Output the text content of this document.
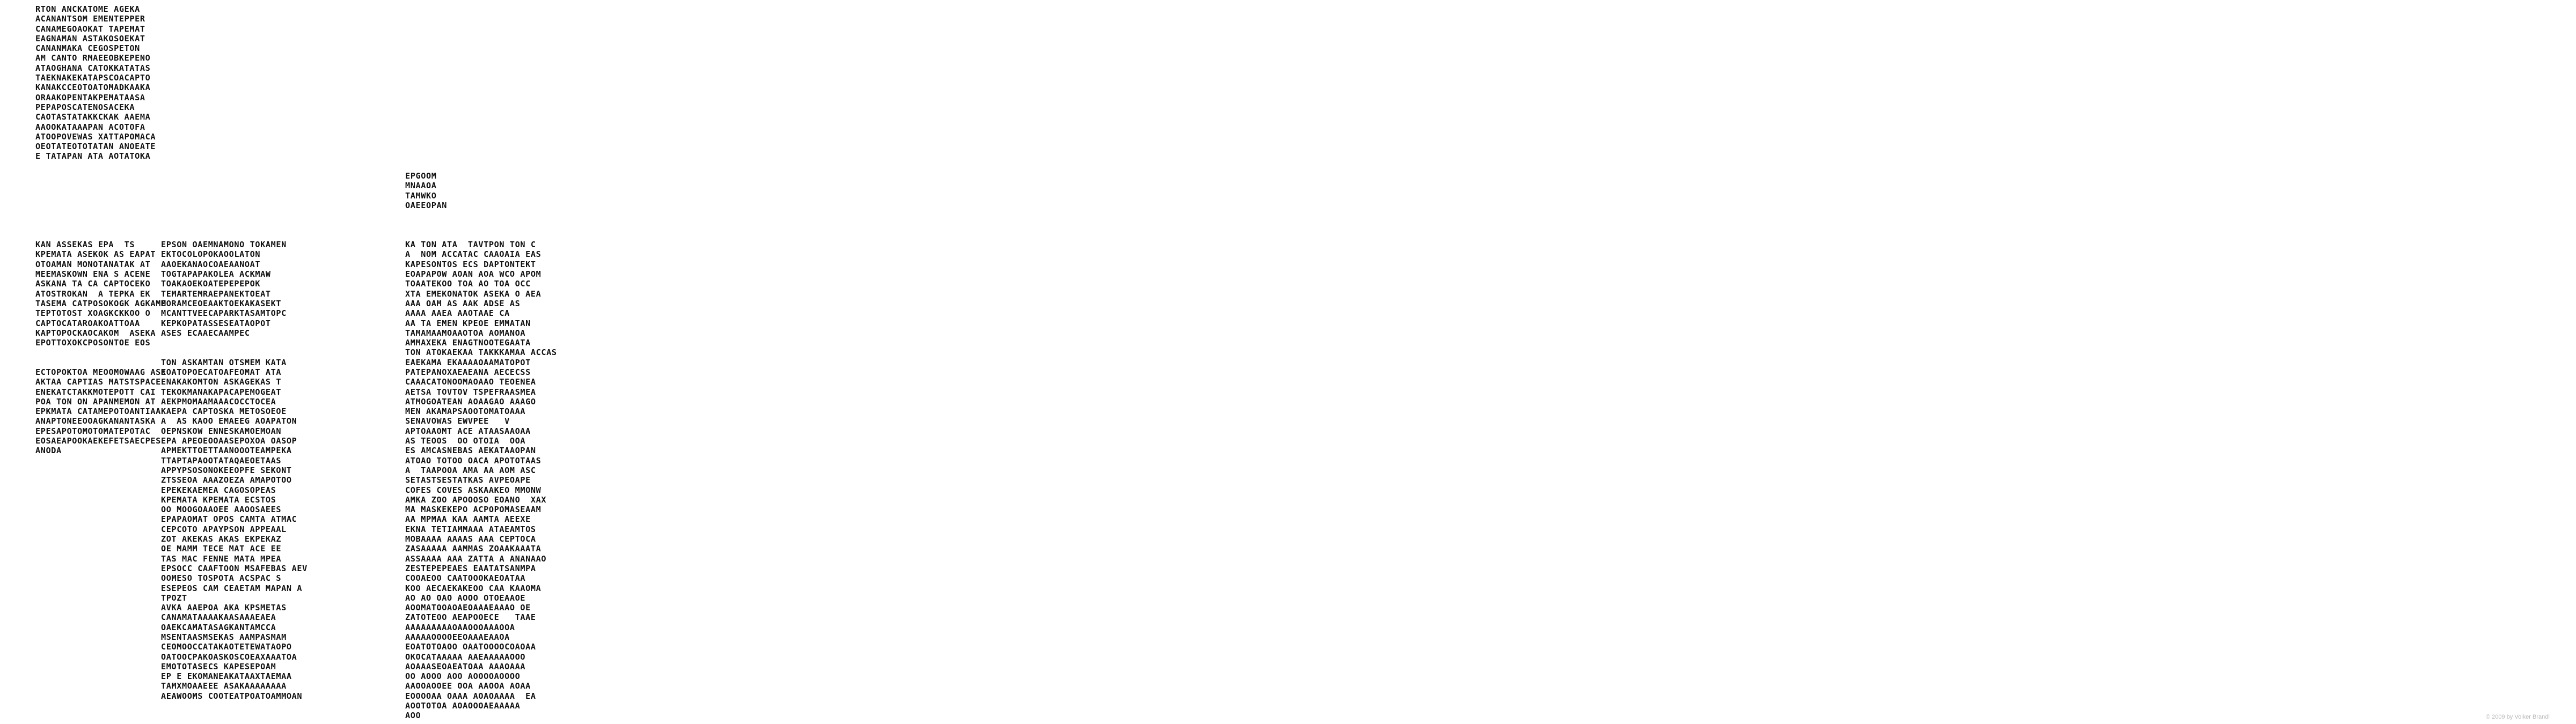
RTON ANCKATOME AGEKA
ACANANTSOM EMENTEPPER
CANAMEGOAOKAT TAPEMAT
EAGNAMAN ASTAKOSOEKAT
CANANMAKA CEGOSPETON
AM CANTO RMAEEOBKEPENO
ATAOGHANA CATOKKATATAS
TAEKNAKEKATAPSCOACAPTO
KANAKCCEOTOATOMADKAAKA
ORAAKOPENTAKPEMATAASA
PEPAPOSCATENOSACEKA
CAOTASTATAKKCKAK AAEMA
AAOOKATAAAPAN ACOTOFA
ATOOPOVEWAS XATTAPOMACA
OEOTATEOTOTATAN ANOEATE
E TATAPAN ATA AOTATOKA
KAN ASSEKAS EPA  TS
KPEMATA ASEKOK AS EAPAT
OTOAMAN MONOTANATAK AT
MEEMASKOWN ENA S ACENE
ASKANA TA CA CAPTOCEKO
ATOSTROKAN  A TEPKA EK
TASEMA CATPOSOKOGK AGKAME
TEPTOTOST XOAGKCKKOO O
CAPTOCATAROAKOATTOAA
KAPTOPOCKAOCAKOM  ASEKA
EPOTTOXOKCPOSONTOE EOS
ECTOPOKTOA MEOOMOWAAG ASK
AKTAA CAPTIAS MATSTSPACE
ENEKATCTAKKMOTEPOTT CAI
POA TON ON APANMEMON AT
EPKMATA CATAMEPOTOANTIAA
ANAPTONEEOOAGKANANTASKA
EPESAPOTOMOTOMATEPOTAC
EOSAEAPOOKAEKEFETSAECPES
ANODA
EPSON OAEMNAMONO TOKAMEN
EKTOCOLOPOKAOOLATON
AAOEKANAOCOAEAANOAT
TOGTAPAPAKOLEA ACKMAW
TOAKAOEKOATEPEPEPOK
TEMARTEMRAEPANEKTOEAT
MORAMCEOEAAKTOEKAKASEKT
MCANTTVEECAPARKTASAMTOPC
KEPKOPATASSESEATAOPOT
ASES ECAAECAAMPEC
TON ASKAMTAN OTSMEM KATA
EOATOPOECATOAFEOMAT ATA
ENAKAKOMTON ASKAGEKAS T
TEKOKMANAKAPACAPEMOGEAT
AEKPMOMAAMAAACOCCTOCEA
KAEPA CAPTOSKA METOSOEOE
A  AS KAOO EMAEEG AOAPATON
OEPNSKOW ENNESKAMOEMOAN
EPA APEOEOOAASEPOXOA OASOP
APMEKTTOETTAANOOOTEAMPEKA
TTAPTAPAOOTATAQAEOETAAS
APPYPSOSONOKEEOPFE SEKONT
ZTSSEOA AAAZOEZA AMAPOTOO
EPEKEKAEMEA CAGOSOPEAS
KPEMATA KPEMATA ECSTOS
OO MOOGOAAOEE AAOOSAEES
EPAPAOMAT OPOS CAMTA ATMAC
CEPCOTO APAYPSON APPEAAL
ZOT AKEKAS AKAS EKPEKAZ
OE MAMM TECE MAT ACE EE
TAS MAC FENNE MATA MPEA
EPSOCC CAAFTOON MSAFEBAS AEV
OOMESO TOSPOTA ACSPAC S
ESEPEOS CAM CEAETAM MAPAN A
TPOZT
AVKA AAEPOA AKA KPSMETAS
CANAMATAAAAKAASAAAEAEA
OAEKCAMATASAGKANTAMCCA
MSENTAASMSEKAS AAMPASMAM
CEOMOOCCATAKAOTETEWATAOPO
OATOOCPAKOASKOSCOEAXAAATOA
EMOTOTASECS KAPESEPOAM
EP E EKOMANEAKATAAXTAEMAA
TAMXMOAAEEE ASAKAAAAAAAA
AEAWOOMS COOTEATPOATOAMMOAN
EPGOOM
MNAAOA
TAMWKO
OAEEOPAN
KA TON ATA  TAVTPON TON C
A  NOM ACCATAC CAAOAIA EAS
KAPESONTOS ECS DAPTONTEKT
EOAPAPOW AOAN AOA WCO APOM
TOAATEKOO TOA AO TOA OCC
XTA EMEKONATOK ASEKA O AEA
AAA OAM AS AAK ADSE AS
AAAA AAEA AAOTAAE CA
AA TA EMEN KPEOE EMMATAN
TAMAMAAMOAAOTOA AOMANOA
AMMAXEKA ENAGTNOOTEGAATA
TON ATOKAEKAA TAKKKAMAA ACCAS
EAEKAMA EKAAAAOAAMATOPOT
PATEPANOXAEAEANA AECECSS
CAAACATONOOMAOAAO TEOENEA
AETSA TOVTOV TSPEFRAASMEA
ATMOGOATEAN AOAAGAO AAAGO
MEN AKAMAPSAOOTOMATOAAA
SENAVOWAS EWVPEE   V
APTOAAOMT ACE ATAASAAOAA
AS TEOOS  OO OTOIA  OOA
ES AMCASNEBAS AEKATAAOPAN
ATOAO TOTOO OACA APOTOTAAS
A  TAAPOOA AMA AA AOM ASC
SETASTSESTATKAS AVPEOAPE
COFES COVES ASKAAKEO MMONW
AMKA ZOO APOOOSO EOANO  XAX
MA MASKEKEPO ACPOPOMASEAAM
AA MPMAA KAA AAMTA AEEXE
EKNA TETIAMMAAA ATAEAMTOS
MOBAAAA AAAAS AAA CEPTOCA
ZASAAAAA AAMMAS ZOAAKAAATA
ASSAAAA AAA ZATTA A ANANAAO
ZESTEPEPEAES EAATATSANMPA
COOAEOO CAATOOOKAEOATAA
KOO AECAEKAKEOO CAA KAAOMA
AO AO OAO AOOO OTOEAAOE
AOOMATOOAOAEOAAAEAAAO OE
ZATOTEOO AEAPOOECE   TAAE
AAAAAAAAAOAAOOOAAAOOA
AAAAAOOOOEEOAAAEAAOA
EOATOTOAOO OAATOOOOCOAOAA
OKOCATAAAAA AAEAAAAAOOO
AOAAASEOAEATOAA AAAOAAA
OO AOOO AOO AOOOOAOOOO
AAOOAOOEE OOA AAOOA AOAA
EOOOOAA OAAA AOAOAAAA  EA
AOOTOTOA AOAOOOAEAAAAA
AOO	© 2009 by Volker Brandl
